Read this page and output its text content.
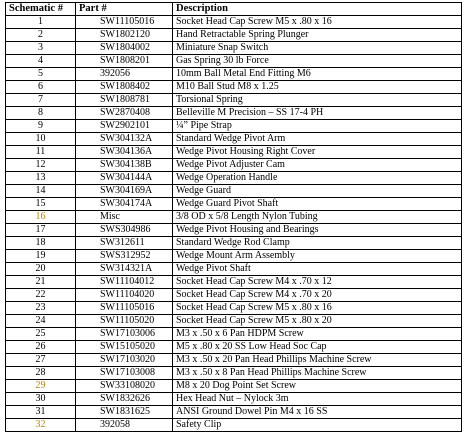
Schematic #	Part #	Description
1	SW11105016	Socket Head Cap Screw M5 x .80 x 16
2	SW1802120	Hand Retractable Spring Plunger
3	SW1804002	Miniature Snap Switch
4	SW1808201	Gas Spring 30 lb Force
5	392056	10mm Ball Metal End Fitting M6
6	SW1808402	M10 Ball Stud M8 x 1.25
7	SW1808781	Torsional Spring
8	SW2870408	Belleville M Precision – SS 17-4 PH
9	SW2902101	¼” Pipe Strap
10	SW304132A	Standard Wedge Pivot Arm
11	SW304136A	Wedge Pivot Housing Right Cover
12	SW304138B	Wedge Pivot Adjuster Cam
13	SW304144A	Wedge Operation Handle
14	SW304169A	Wedge Guard
15	SW304174A	Wedge Guard Pivot Shaft
16	Misc	3/8 OD x 5/8 Length Nylon Tubing
17	SWS304986	Wedge Pivot Housing and Bearings
18	SW312611	Standard Wedge Rod Clamp
19	SWS312952	Wedge Mount Arm Assembly
20	SW314321A	Wedge Pivot Shaft
21	SW11104012	Socket Head Cap Screw M4 x .70 x 12
22	SW11104020	Socket Head Cap Screw M4 x .70 x 20
23	SW11105016	Socket Head Cap Screw M5 x .80 x 16
24	SW11105020	Socket Head Cap Screw M5 x .80 x 20
25	SW17103006	M3 x .50 x 6 Pan HDPM Screw
26	SW15105020	M5 x .80 x 20 SS Low Head Soc Cap
27	SW17103020	M3 x .50 x 20 Pan Head Phillips Machine Screw
28	SW17103008	M3 x .50 x 8 Pan Head Phillips Machine Screw
29	SW33108020	M8 x 20 Dog Point Set Screw
30	SW1832626	Hex Head Nut – Nylock 3m
31	SW1831625	ANSI Ground Dowel Pin M4 x 16 SS
32	392058	Safety Clip
